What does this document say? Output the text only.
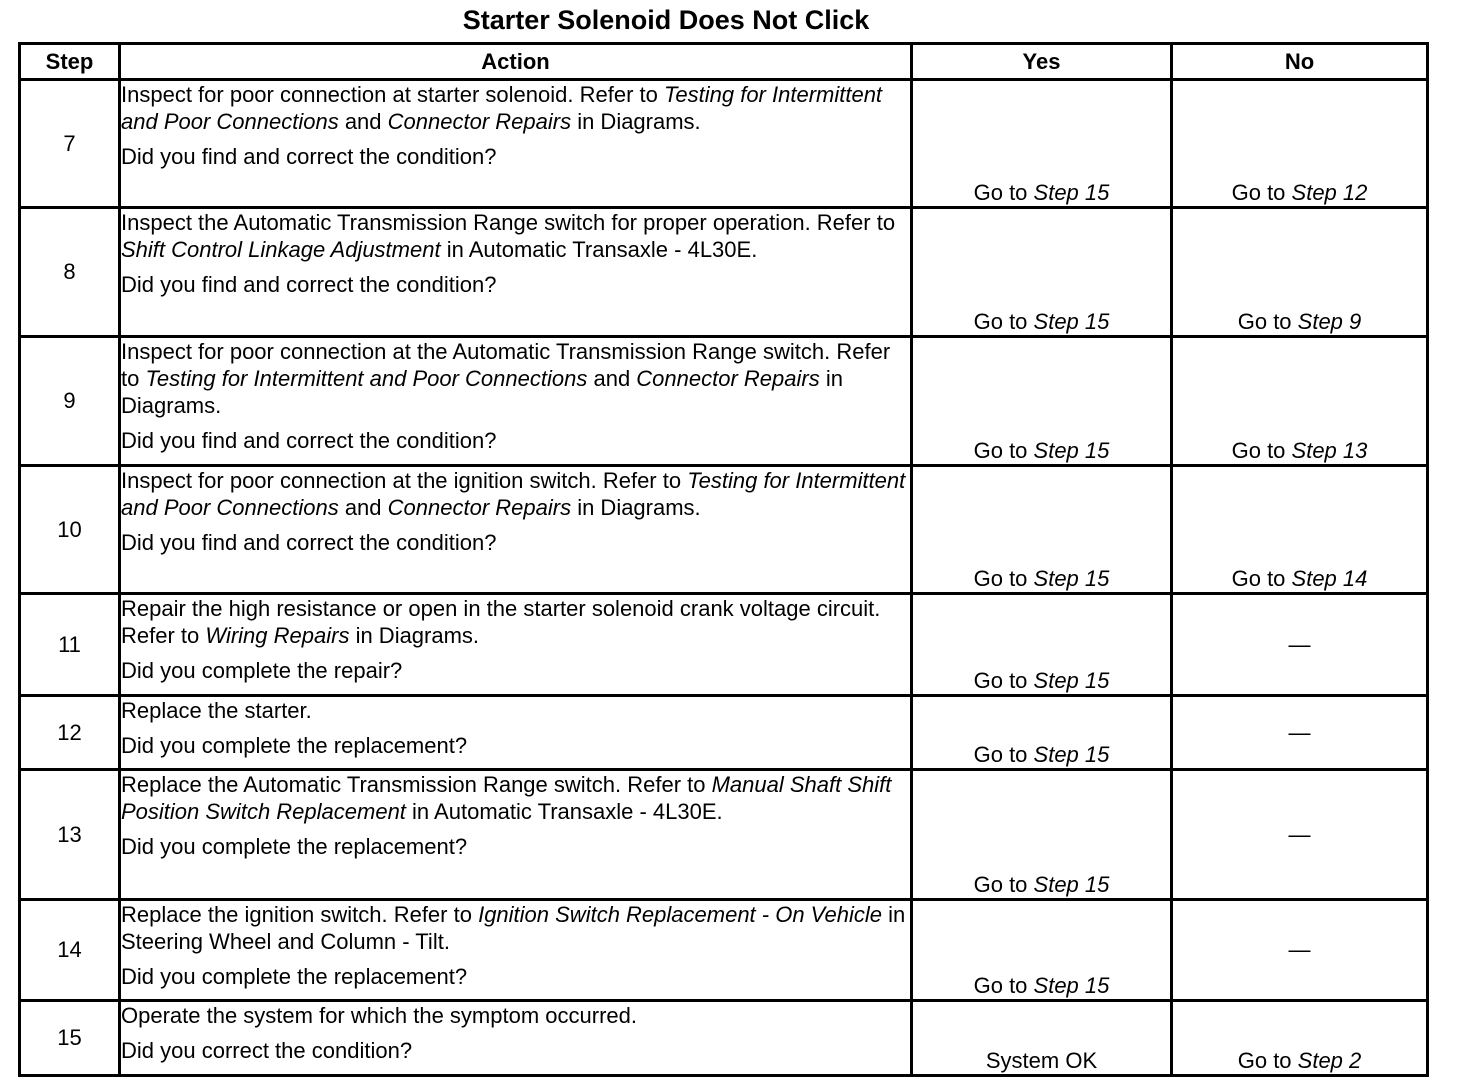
Starter Solenoid Does Not Click
Step	Action	Yes	No
7	Inspect for poor connection at starter solenoid. Refer to Testing for Intermittent and Poor Connections and Connector Repairs in Diagrams.
Did you find and correct the condition?	Go to Step 15	Go to Step 12
8	Inspect the Automatic Transmission Range switch for proper operation. Refer to Shift Control Linkage Adjustment in Automatic Transaxle - 4L30E.
Did you find and correct the condition?	Go to Step 15	Go to Step 9
9	Inspect for poor connection at the Automatic Transmission Range switch. Refer to Testing for Intermittent and Poor Connections and Connector Repairs in Diagrams.
Did you find and correct the condition?	Go to Step 15	Go to Step 13
10	Inspect for poor connection at the ignition switch. Refer to Testing for Intermittent and Poor Connections and Connector Repairs in Diagrams.
Did you find and correct the condition?	Go to Step 15	Go to Step 14
11	Repair the high resistance or open in the starter solenoid crank voltage circuit. Refer to Wiring Repairs in Diagrams.
Did you complete the repair?	Go to Step 15	—
12	Replace the starter.
Did you complete the replacement?	Go to Step 15	—
13	Replace the Automatic Transmission Range switch. Refer to Manual Shaft Shift Position Switch Replacement in Automatic Transaxle - 4L30E.
Did you complete the replacement?	Go to Step 15	—
14	Replace the ignition switch. Refer to Ignition Switch Replacement - On Vehicle in Steering Wheel and Column - Tilt.
Did you complete the replacement?	Go to Step 15	—
15	Operate the system for which the symptom occurred.
Did you correct the condition?	System OK	Go to Step 2
